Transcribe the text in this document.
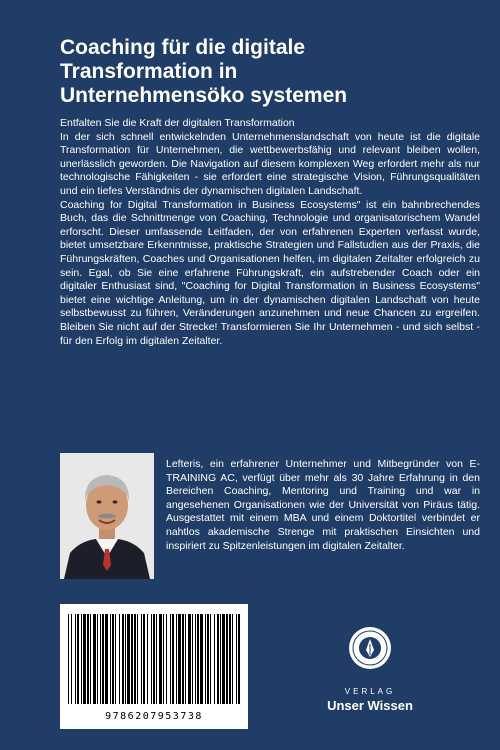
Coaching für die digitale
Transformation in
Unternehmensöko systemen

Entfalten Sie die Kraft der digitalen Transformation

In der sich schnell entwickelnden Unternehmenslandschaft von heute ist die digitale Transformation für Unternehmen, die wettbewerbsfähig und relevant bleiben wollen, unerlässlich geworden. Die Navigation auf diesem komplexen Weg erfordert mehr als nur technologische Fähigkeiten - sie erfordert eine strategische Vision, Führungsqualitäten und ein tiefes Verständnis der dynamischen digitalen Landschaft.

Coaching for Digital Transformation in Business Ecosystems" ist ein bahnbrechendes Buch, das die Schnittmenge von Coaching, Technologie und organisatorischem Wandel erforscht. Dieser umfassende Leitfaden, der von erfahrenen Experten verfasst wurde, bietet umsetzbare Erkenntnisse, praktische Strategien und Fallstudien aus der Praxis, die Führungskräften, Coaches und Organisationen helfen, im digitalen Zeitalter erfolgreich zu sein. Egal, ob Sie eine erfahrene Führungskraft, ein aufstrebender Coach oder ein digitaler Enthusiast sind, "Coaching for Digital Transformation in Business Ecosystems" bietet eine wichtige Anleitung, um in der dynamischen digitalen Landschaft von heute selbstbewusst zu führen, Veränderungen anzunehmen und neue Chancen zu ergreifen. Bleiben Sie nicht auf der Strecke! Transformieren Sie Ihr Unternehmen - und sich selbst - für den Erfolg im digitalen Zeitalter.

Lefteris, ein erfahrener Unternehmer und Mitbegründer von E-TRAINING AC, verfügt über mehr als 30 Jahre Erfahrung in den Bereichen Coaching, Mentoring und Training und war in angesehenen Organisationen wie der Universität von Piräus tätig. Ausgestattet mit einem MBA und einem Doktortitel verbindet er nahtlos akademische Strenge mit praktischen Einsichten und inspiriert zu Spitzenleistungen im digitalen Zeitalter.
9786207953738
VERLAG
Unser Wissen
